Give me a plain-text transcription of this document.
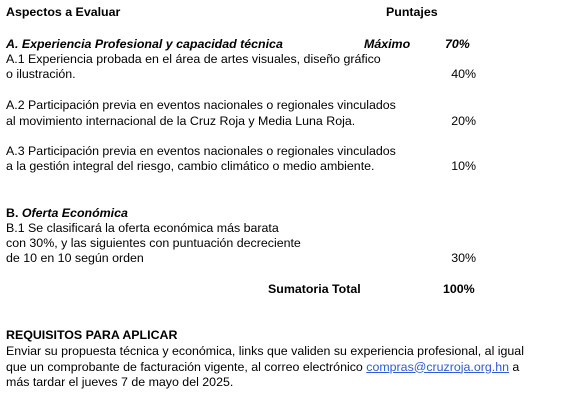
Aspectos a Evaluar	Puntajes
A. Experiencia Profesional y capacidad técnica	Máximo	70%
A.1 Experiencia probada en el área de artes visuales, diseño gráfico
o ilustración.	40%
A.2 Participación previa en eventos nacionales o regionales vinculados
al movimiento internacional de la Cruz Roja y Media Luna Roja.	20%
A.3 Participación previa en eventos nacionales o regionales vinculados
a la gestión integral del riesgo, cambio climático o medio ambiente.	10%
B. Oferta Económica
B.1 Se clasificará la oferta económica más barata
con 30%, y las siguientes con puntuación decreciente
de 10 en 10 según orden	30%
Sumatoria Total	100%
REQUISITOS PARA APLICAR
Enviar su propuesta técnica y económica, links que validen su experiencia profesional, al igual
que un comprobante de facturación vigente, al correo electrónico compras@cruzroja.org.hn a
más tardar el jueves 7 de mayo del 2025.
